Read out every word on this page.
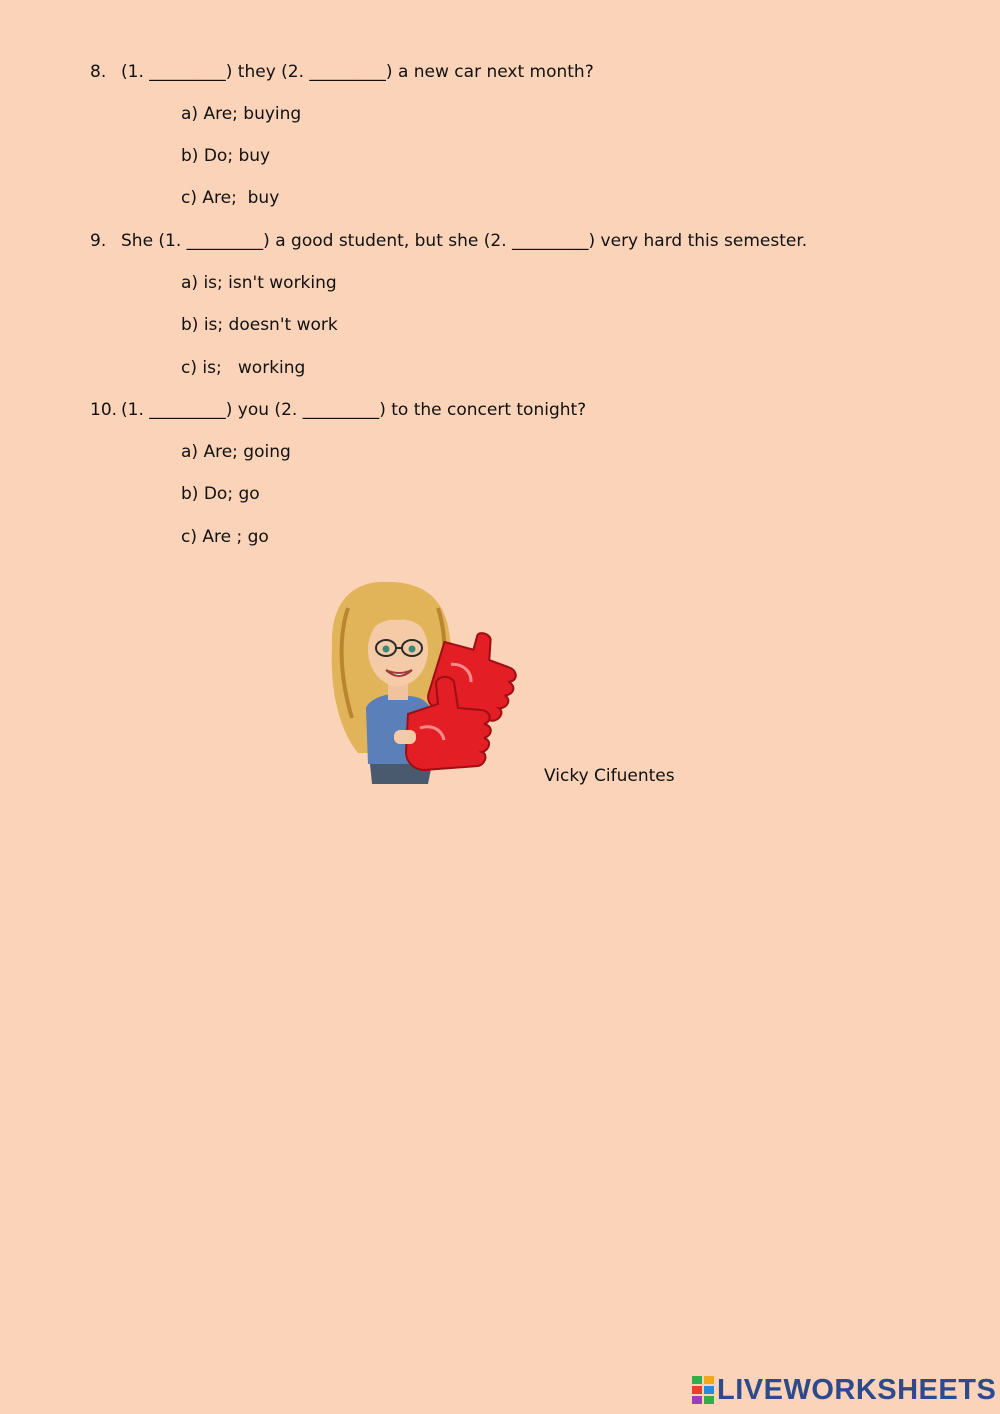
8. (1. _________) they (2. _________) a new car next month?
a) Are; buying
b) Do; buy
c) Are;  buy
9. She (1. _________) a good student, but she (2. _________) very hard this semester.
a) is; isn't working
b) is; doesn't work
c) is;   working
10. (1. _________) you (2. _________) to the concert tonight?
a) Are; going
b) Do; go
c) Are ; go
Vicky Cifuentes
LIVEWORKSHEETS
